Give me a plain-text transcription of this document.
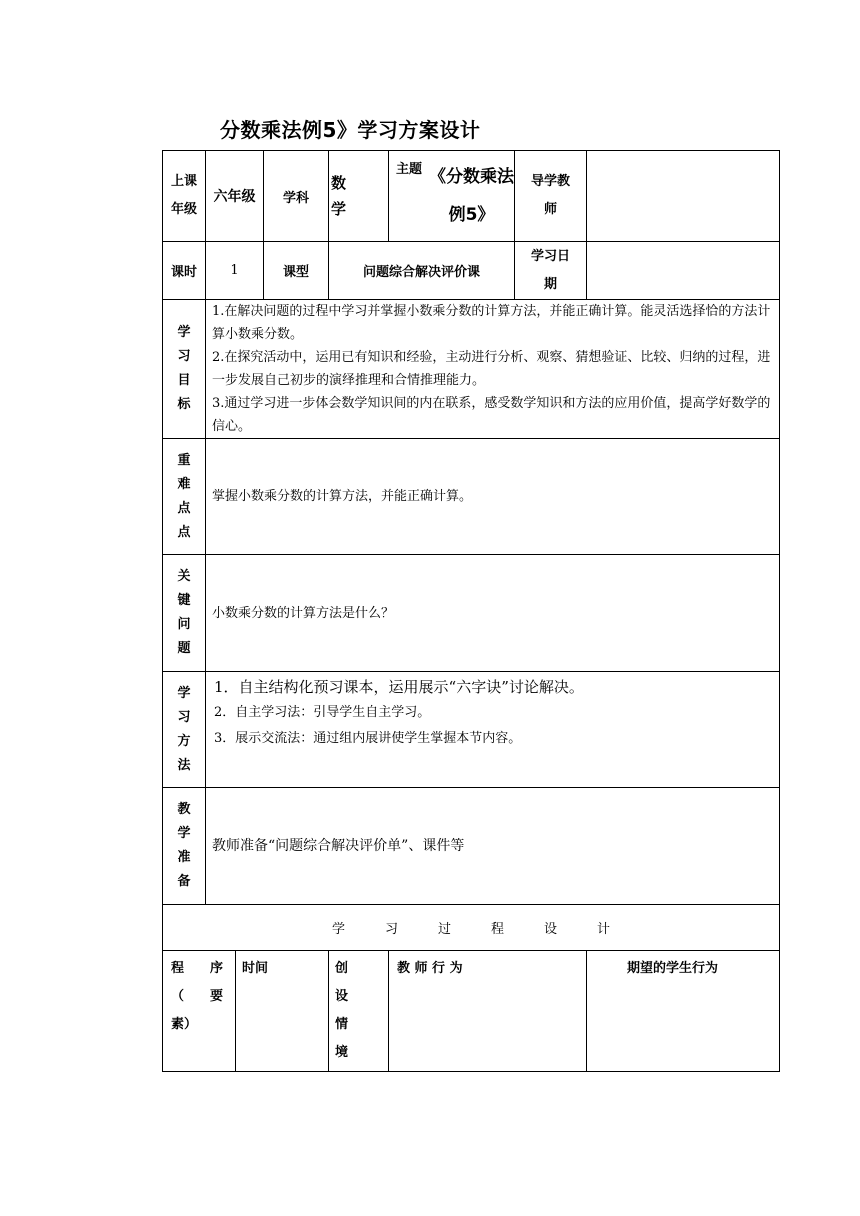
分数乘法例5》学习方案设计
上课年级	六年级		学科	数学	主题 《分数乘法例5》	导学教师	
课时	1		课型	问题综合解决评价课		学习日期	
学习目标	1.在解决问题的过程中学习并掌握小数乘分数的计算方法，并能正确计算。能灵活选择恰的方法计算小数乘分数。
2.在探究活动中，运用已有知识和经验，主动进行分析、观察、猜想验证、比较、归纳的过程，进一步发展自己初步的演绎推理和合情推理能力。
3.通过学习进一步体会数学知识间的内在联系，感受数学知识和方法的应用价值，提高学好数学的信心。						

重难点点	掌握小数乘分数的计算方法，并能正确计算。						
关键问题	小数乘分数的计算方法是什么？						
学习方法	1．自主结构化预习课本，运用展示“六字诀”讨论解决。
2．自主学习法：引导学生自主学习。
3．展示交流法：通过组内展讲使学生掌握本节内容。						

教学准备	教师准备“问题综合解决评价单”、课件等						
学 习 过 程 设 计							

程　　序（　　要素）		时间		创设情境	教 师 行 为		期望的学生行为
